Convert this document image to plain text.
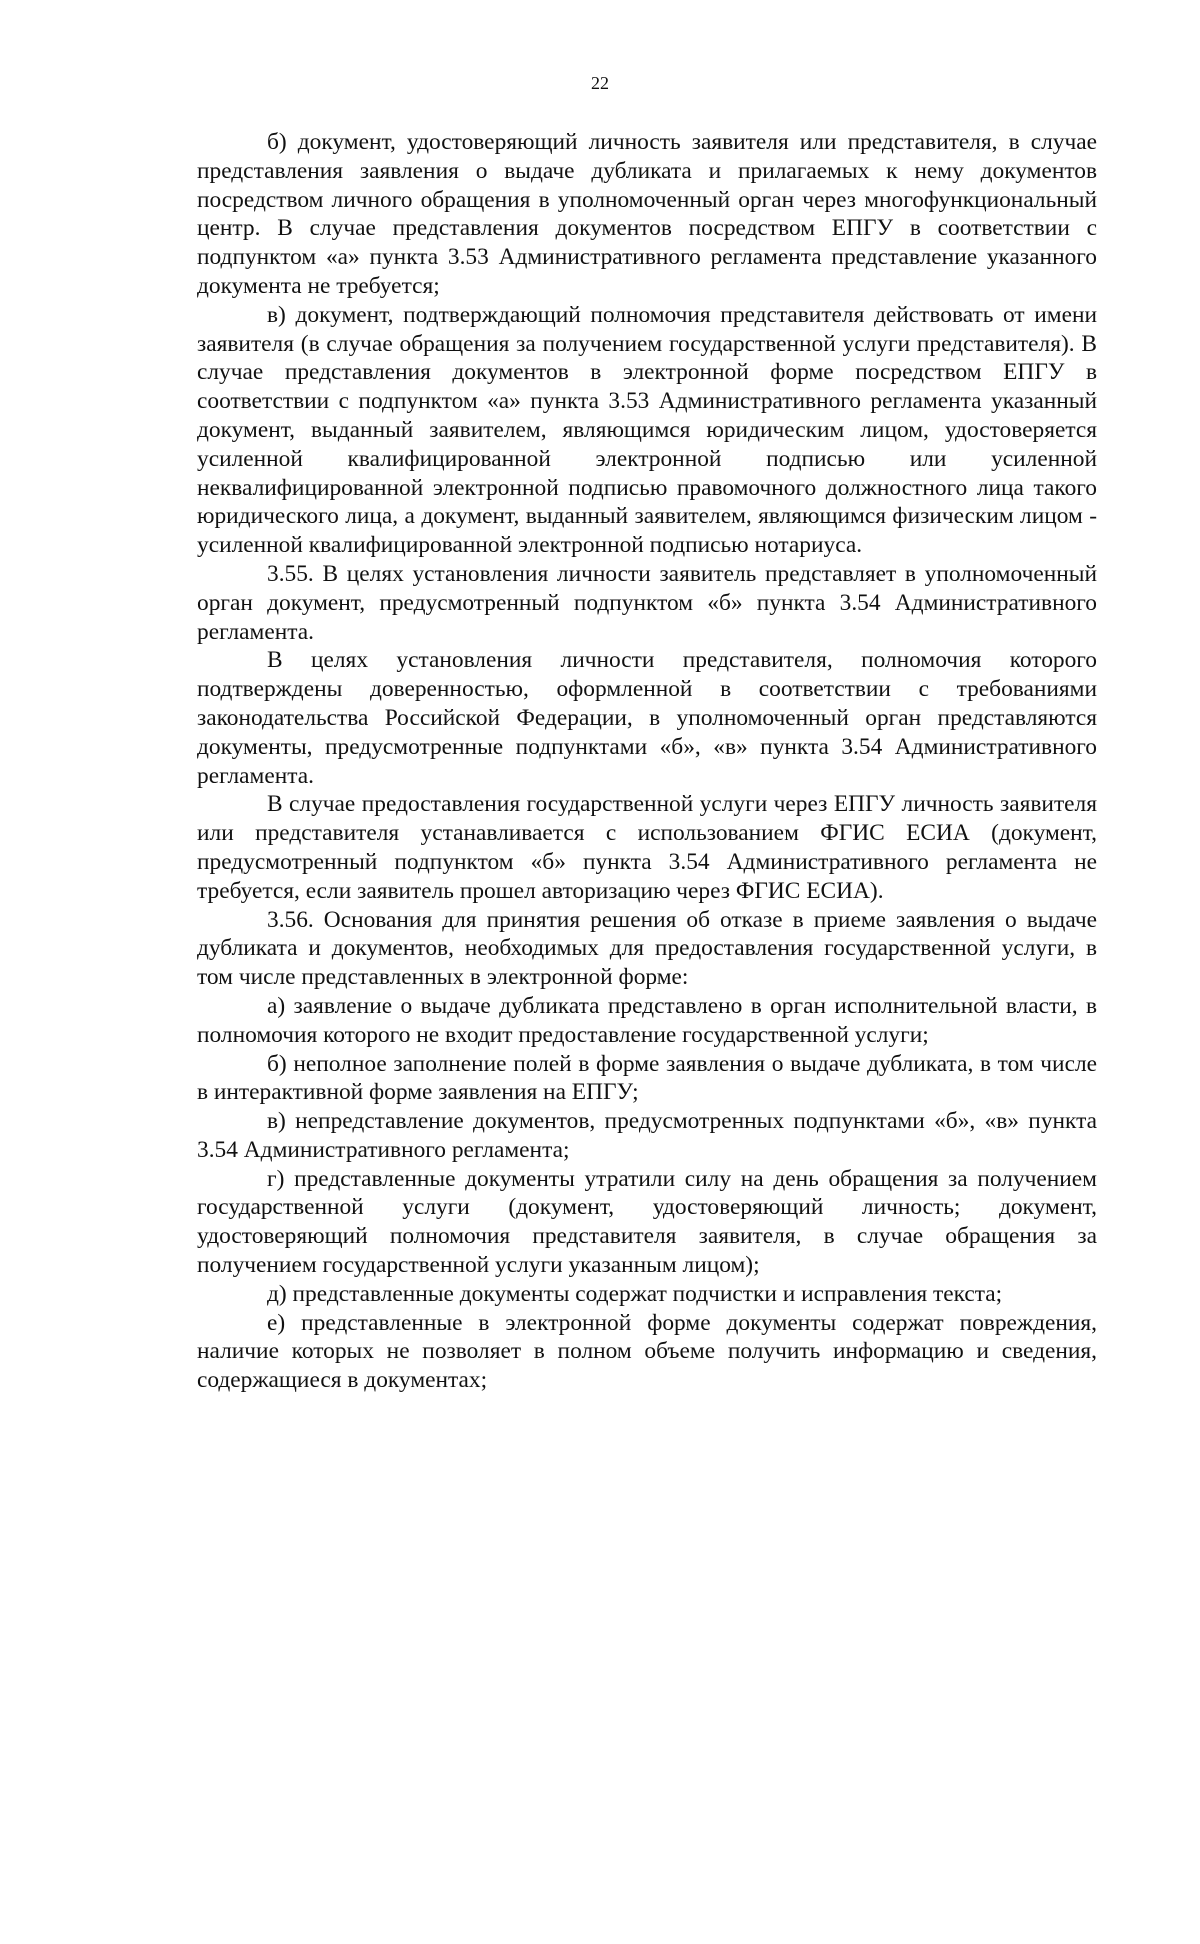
22

б) документ, удостоверяющий личность заявителя или представителя, в случае представления заявления о выдаче дубликата и прилагаемых к нему документов посредством личного обращения в уполномоченный орган через многофункциональный центр. В случае представления документов посредством ЕПГУ в соответствии с подпунктом «а» пункта 3.53 Административного регламента представление указанного документа не требуется;

в) документ, подтверждающий полномочия представителя действовать от имени заявителя (в случае обращения за получением государственной услуги представителя). В случае представления документов в электронной форме посредством ЕПГУ в соответствии с подпунктом «а» пункта 3.53 Административного регламента указанный документ, выданный заявителем, являющимся юридическим лицом, удостоверяется усиленной квалифицированной электронной подписью или усиленной неквалифицированной электронной подписью правомочного должностного лица такого юридического лица, а документ, выданный заявителем, являющимся физическим лицом - усиленной квалифицированной электронной подписью нотариуса.

3.55. В целях установления личности заявитель представляет в уполномоченный орган документ, предусмотренный подпунктом «б» пункта 3.54 Административного регламента.

В целях установления личности представителя, полномочия которого подтверждены доверенностью, оформленной в соответствии с требованиями законодательства Российской Федерации, в уполномоченный орган представляются документы, предусмотренные подпунктами «б», «в» пункта 3.54 Административного регламента.

В случае предоставления государственной услуги через ЕПГУ личность заявителя или представителя устанавливается с использованием ФГИС ЕСИА (документ, предусмотренный подпунктом «б» пункта 3.54 Административного регламента не требуется, если заявитель прошел авторизацию через ФГИС ЕСИА).

3.56. Основания для принятия решения об отказе в приеме заявления о выдаче дубликата и документов, необходимых для предоставления государственной услуги, в том числе представленных в электронной форме:

а) заявление о выдаче дубликата представлено в орган исполнительной власти, в полномочия которого не входит предоставление государственной услуги;

б) неполное заполнение полей в форме заявления о выдаче дубликата, в том числе в интерактивной форме заявления на ЕПГУ;

в) непредставление документов, предусмотренных подпунктами «б», «в» пункта 3.54 Административного регламента;

г) представленные документы утратили силу на день обращения за получением государственной услуги (документ, удостоверяющий личность; документ, удостоверяющий полномочия представителя заявителя, в случае обращения за получением государственной услуги указанным лицом);

д) представленные документы содержат подчистки и исправления текста;

е) представленные в электронной форме документы содержат повреждения, наличие которых не позволяет в полном объеме получить информацию и сведения, содержащиеся в документах;
